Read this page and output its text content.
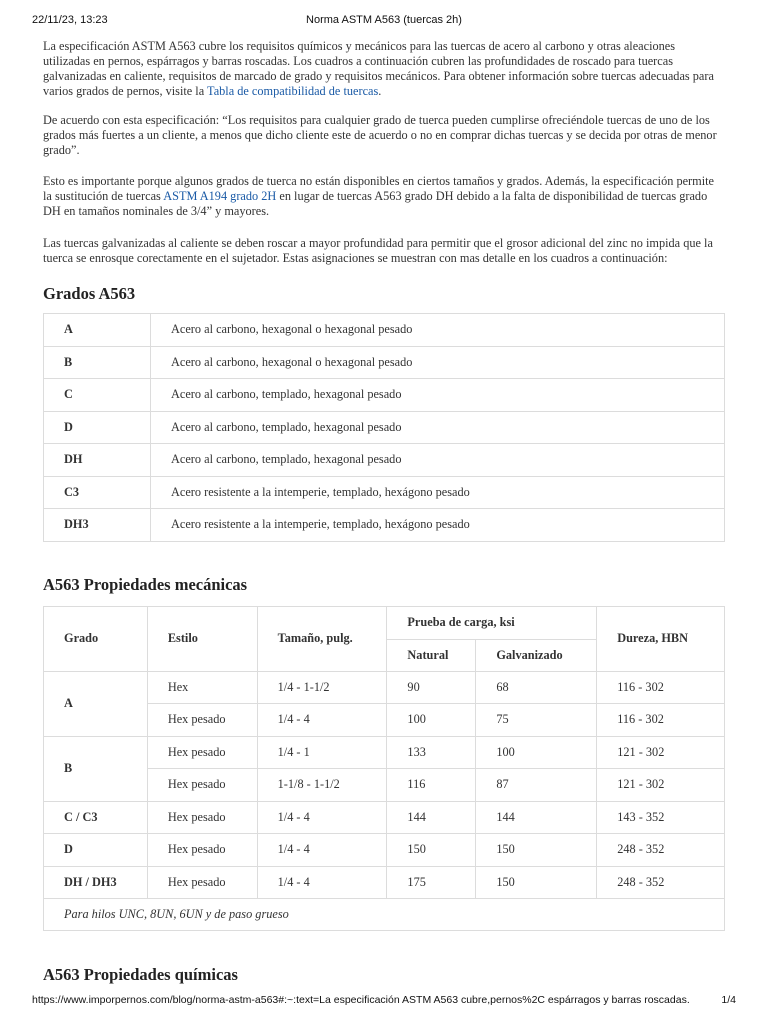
22/11/23, 13:23	Norma ASTM A563 (tuercas 2h)

La especificación ASTM A563 cubre los requisitos químicos y mecánicos para las tuercas de acero al carbono y otras aleaciones utilizadas en pernos, espárragos y barras roscadas. Los cuadros a continuación cubren las profundidades de roscado para tuercas galvanizadas en caliente, requisitos de marcado de grado y requisitos mecánicos. Para obtener información sobre tuercas adecuadas para varios grados de pernos, visite la Tabla de compatibilidad de tuercas.

De acuerdo con esta especificación: “Los requisitos para cualquier grado de tuerca pueden cumplirse ofreciéndole tuercas de uno de los grados más fuertes a un cliente, a menos que dicho cliente este de acuerdo o no en comprar dichas tuercas y se decida por otras de menor grado”.

Esto es importante porque algunos grados de tuerca no están disponibles en ciertos tamaños y grados. Además, la especificación permite la sustitución de tuercas ASTM A194 grado 2H en lugar de tuercas A563 grado DH debido a la falta de disponibilidad de tuercas grado DH en tamaños nominales de 3/4” y mayores.

Las tuercas galvanizadas al caliente se deben roscar a mayor profundidad para permitir que el grosor adicional del zinc no impida que la tuerca se enrosque corectamente en el sujetador. Estas asignaciones se muestran con mas detalle en los cuadros a continuación:

Grados A563
A	Acero al carbono, hexagonal o hexagonal pesado
B	Acero al carbono, hexagonal o hexagonal pesado
C	Acero al carbono, templado, hexagonal pesado
D	Acero al carbono, templado, hexagonal pesado
DH	Acero al carbono, templado, hexagonal pesado
C3	Acero resistente a la intemperie, templado, hexágono pesado
DH3	Acero resistente a la intemperie, templado, hexágono pesado
A563 Propiedades mecánicas
Grado	Estilo	Tamaño, pulg.	Prueba de carga, ksi		Dureza, HBN
			Natural	Galvanizado	
A	Hex	1/4 - 1-1/2	90	68	116 - 302
	Hex pesado	1/4 - 4	100	75	116 - 302
B	Hex pesado	1/4 - 1	133	100	121 - 302
	Hex pesado	1-1/8 - 1-1/2	116	87	121 - 302
C / C3	Hex pesado	1/4 - 4	144	144	143 - 352
D	Hex pesado	1/4 - 4	150	150	248 - 352
DH / DH3	Hex pesado	1/4 - 4	175	150	248 - 352
Para hilos UNC, 8UN, 6UN y de paso grueso					
A563 Propiedades químicas
https://www.imporpernos.com/blog/norma-astm-a563#:~:text=La especificación ASTM A563 cubre,pernos%2C espárragos y barras roscadas.	1/4
